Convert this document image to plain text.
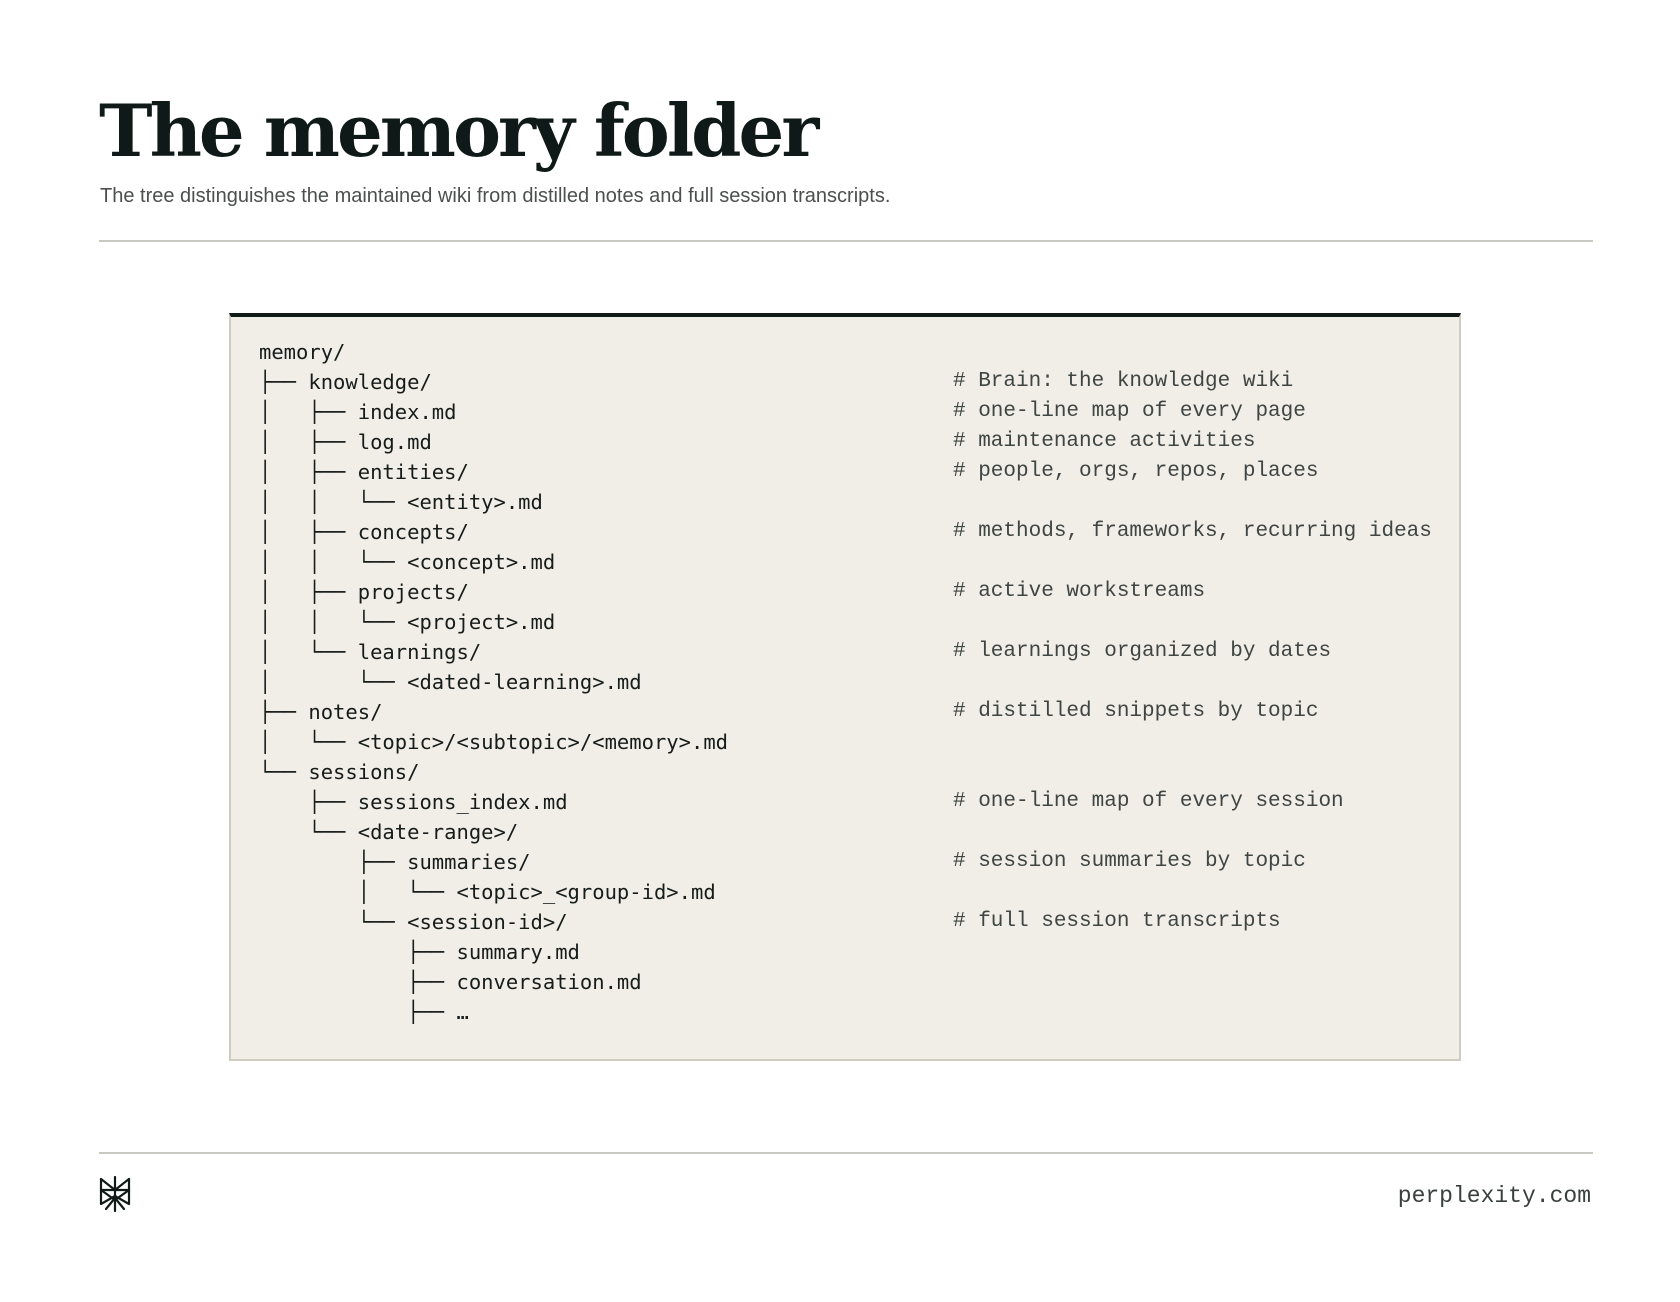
The memory folder

The tree distinguishes the maintained wiki from distilled notes and full session transcripts.

memory/
├── knowledge/	# Brain: the knowledge wiki
│   ├── index.md	# one-line map of every page
│   ├── log.md	# maintenance activities
│   ├── entities/	# people, orgs, repos, places
│   │   └── <entity>.md
│   ├── concepts/	# methods, frameworks, recurring ideas
│   │   └── <concept>.md
│   ├── projects/	# active workstreams
│   │   └── <project>.md
│   └── learnings/	# learnings organized by dates
│       └── <dated-learning>.md
├── notes/	# distilled snippets by topic
│   └── <topic>/<subtopic>/<memory>.md
└── sessions/
├── sessions_index.md	# one-line map of every session
└── <date-range>/
├── summaries/	# session summaries by topic
│   └── <topic>_<group-id>.md
└── <session-id>/	# full session transcripts
├── summary.md
├── conversation.md
├── …
perplexity.com
